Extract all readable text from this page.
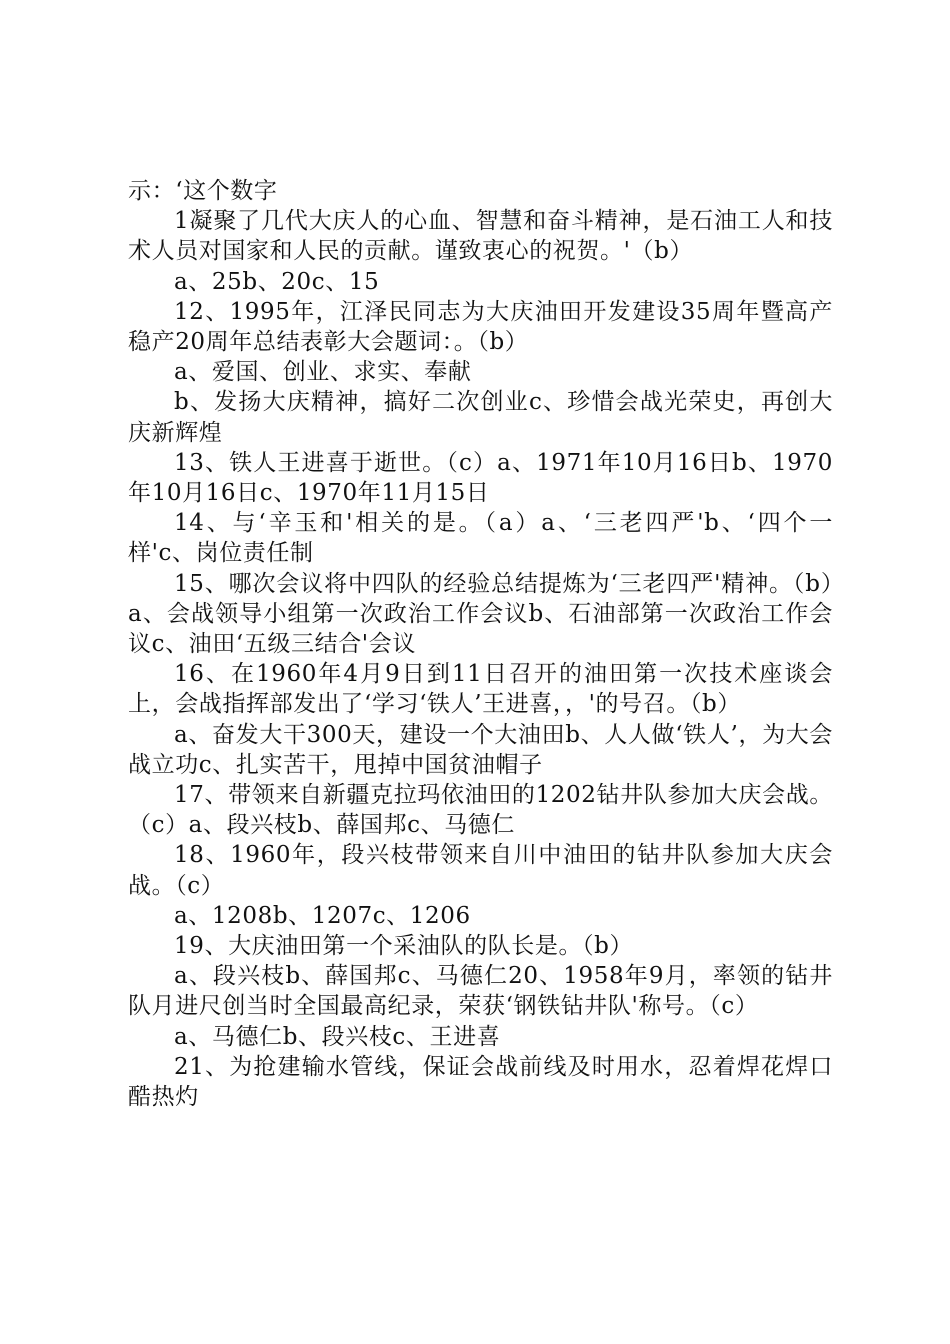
示：‘这个数字

1凝聚了几代大庆人的心血、智慧和奋斗精神，是石油工人和技术人员对国家和人民的贡献。谨致衷心的祝贺。'（b）

a、25b、20c、15

12、1995年，江泽民同志为大庆油田开发建设35周年暨高产稳产20周年总结表彰大会题词：。（b）

a、爱国、创业、求实、奉献

b、发扬大庆精神，搞好二次创业c、珍惜会战光荣史，再创大庆新辉煌

13、铁人王进喜于逝世。（c）a、1971年10月16日b、1970年10月16日c、1970年11月15日

14、与‘辛玉和'相关的是。（a）a、‘三老四严'b、‘四个一样'c、岗位责任制

15、哪次会议将中四队的经验总结提炼为‘三老四严'精神。（b）a、会战领导小组第一次政治工作会议b、石油部第一次政治工作会议c、油田‘五级三结合'会议

16、在1960年4月9日到11日召开的油田第一次技术座谈会上，会战指挥部发出了‘学习‘铁人’王进喜，，'的号召。（b）

a、奋发大干300天，建设一个大油田b、人人做‘铁人’，为大会战立功c、扎实苦干，甩掉中国贫油帽子

17、带领来自新疆克拉玛依油田的1202钻井队参加大庆会战。（c）a、段兴枝b、薛国邦c、马德仁

18、1960年，段兴枝带领来自川中油田的钻井队参加大庆会战。（c）

a、1208b、1207c、1206

19、大庆油田第一个采油队的队长是。（b）

a、段兴枝b、薛国邦c、马德仁20、1958年9月，率领的钻井队月进尺创当时全国最高纪录，荣获‘钢铁钻井队'称号。（c）

a、马德仁b、段兴枝c、王进喜

21、为抢建输水管线，保证会战前线及时用水，忍着焊花焊口酷热灼
